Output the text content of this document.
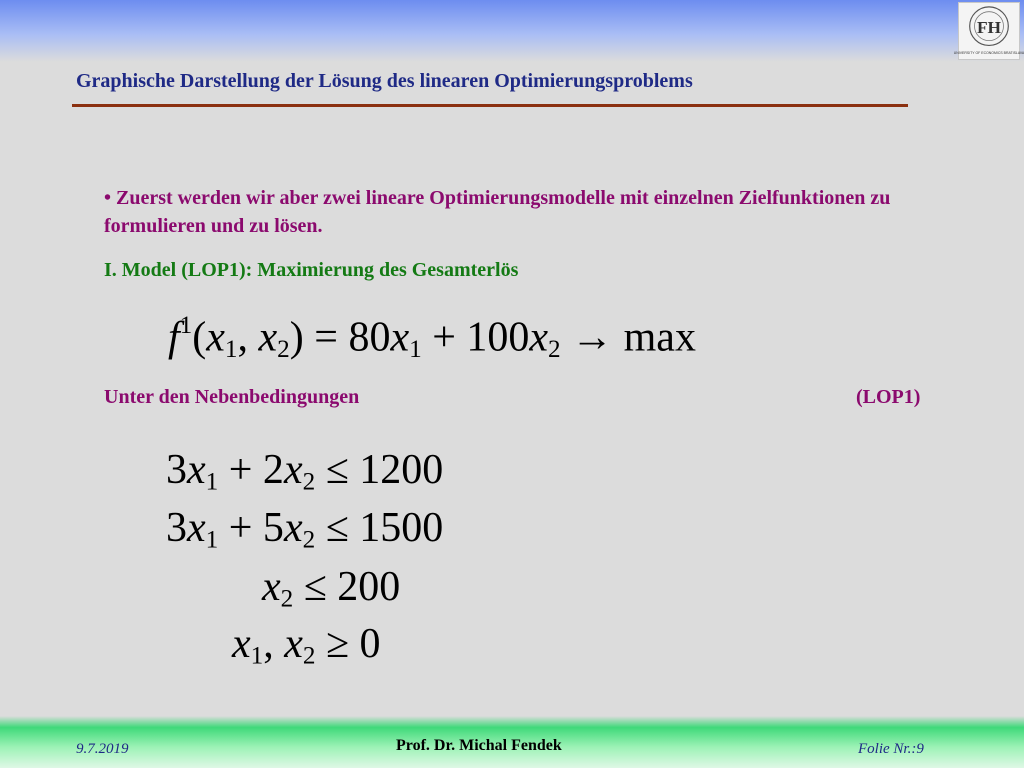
FH
UNIVERSITY OF ECONOMICS BRATISLAVA
Graphische Darstellung der Lösung des linearen Optimierungsproblems
• Zuerst werden wir aber zwei lineare Optimierungsmodelle mit einzelnen Zielfunktionen zu formulieren und zu lösen.
I. Model (LOP1): Maximierung des Gesamterlös
$f^1(x_1$, $x_2) = 80x_1 + 100x_2 \to \max$
Unter den Nebenbedingungen	(LOP1)
$3x_1 + 2x_2 \le 1200$
$3x_1 + 5x_2 \le 1500$
$x_2 \le 200$
$x_1$, $x_2 \ge 0$
9.7.2019	Prof. Dr. Michal Fendek	Folie Nr.:9
